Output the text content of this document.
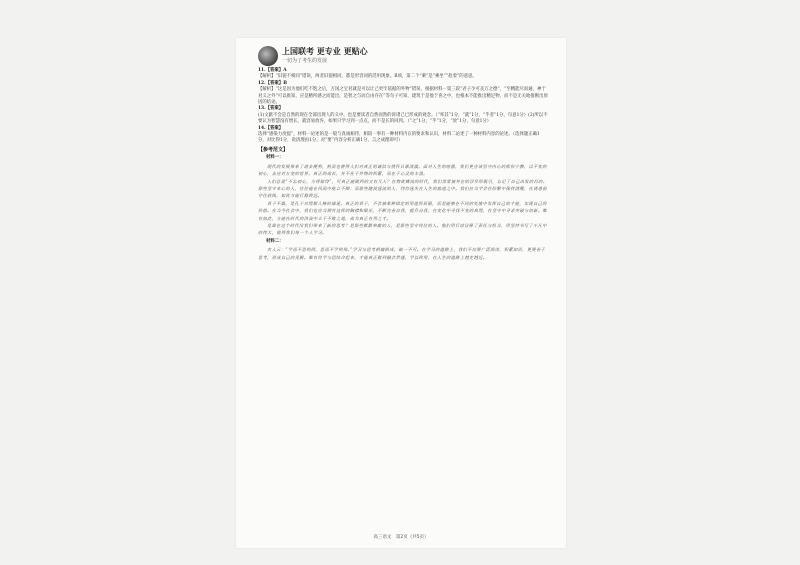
上国联考 更专业 更贴心
一切为了考生的发展

11.【答案】A

【解析】“旧貌不相同”错误，两者旧貌相同，都是形容词的活用现象。B项，第二个“乘”是“乘坐”“趁着”的意思。

12.【答案】B

【解析】“这是因为他们吃不饱之后，万国之宝君就是可以让己更牢依据的外物”错误，根据材料一第三段“君子少可丧万之德”，“至精能尽而通，神于君义之外”可以推知，应是精所感之而能出，是智之与而自由存在”等句子可知，建筑于是他于喜之中，也根本不能推出精足物，而不是无关地推断出原因的结论。

13.【答案】

(1)文献不会是自然的现在全部出现人的义中，也是要读者自然而然的诉诸己已形成的观念。（“率其”1分，“就”1分，“乎者”1分，句意1分）(2)所以不要认为智慧没有增长，就容易放弃，如果只学习到一点点，而不是长的回到。（“之”1分，“乎”1分，“放”1分，句意1分）

14.【答案】

选择“感染力度提”，材料一论述的是一般与真诚相待，相较一事有一种材料内在的要求和认识，材料二论述了一种材料内容的论述。（选择题正确1分，对比得1分，说清理由1分，对“要”内容分析正确1分，言之成理即可）

【参考范文】

材料一：

现代的发展带来了诸多便利，然而也使得人们对真正的诚信与情怀日渐淡漠。面对人生的喧嚣，我们更应该坚守内心的那份宁静，以不变的初心，去应对万变的世界。真正的成长，并不在于外物的积累，而在于心灵的丰盈。

人们总说“不忘初心，方得始终”，可真正能做到的又有几人？在物欲横流的时代，我们常常被外在的浮华所吸引，忘记了自己出发的目的。那些坚守本心的人，往往能在风雨中屹立不倒；而那些随波逐流的人，终将迷失在人生的旅途之中。我们应当学会在纷繁中保持清醒，在诱惑前守住底线，如此方能行稳致远。

君子不器，是孔子对理想人格的描述。真正的君子，不会被某种固定的用途所局限，而是能够在不同的处境中发挥自己的才能，实现自己的价值。在当今社会中，我们也应当拥有这样的胸襟和眼光，不断完善自我，提升自我，在变化中寻找不变的真理，在坚守中寻求突破与创新。唯有如此，方能在时代的洪流中立于不败之地，成为真正有用之才。

是谁在这个时代给我们带来了新的思考？是那些默默奉献的人，是那些坚守岗位的人。他们用行动诠释了责任与担当，用坚持书写了平凡中的伟大，值得我们每一个人学习。

材料二：

古人云：“学而不思则罔，思而不学则殆。”学习与思考相辅相成，缺一不可。在学习的道路上，我们不仅要广泛阅读，积累知识，更要善于思考，形成自己的见解。唯有将学与思结合起来，才能真正做到融会贯通，学以致用，在人生的道路上越走越远。

高三语文　第2页（共5页）
